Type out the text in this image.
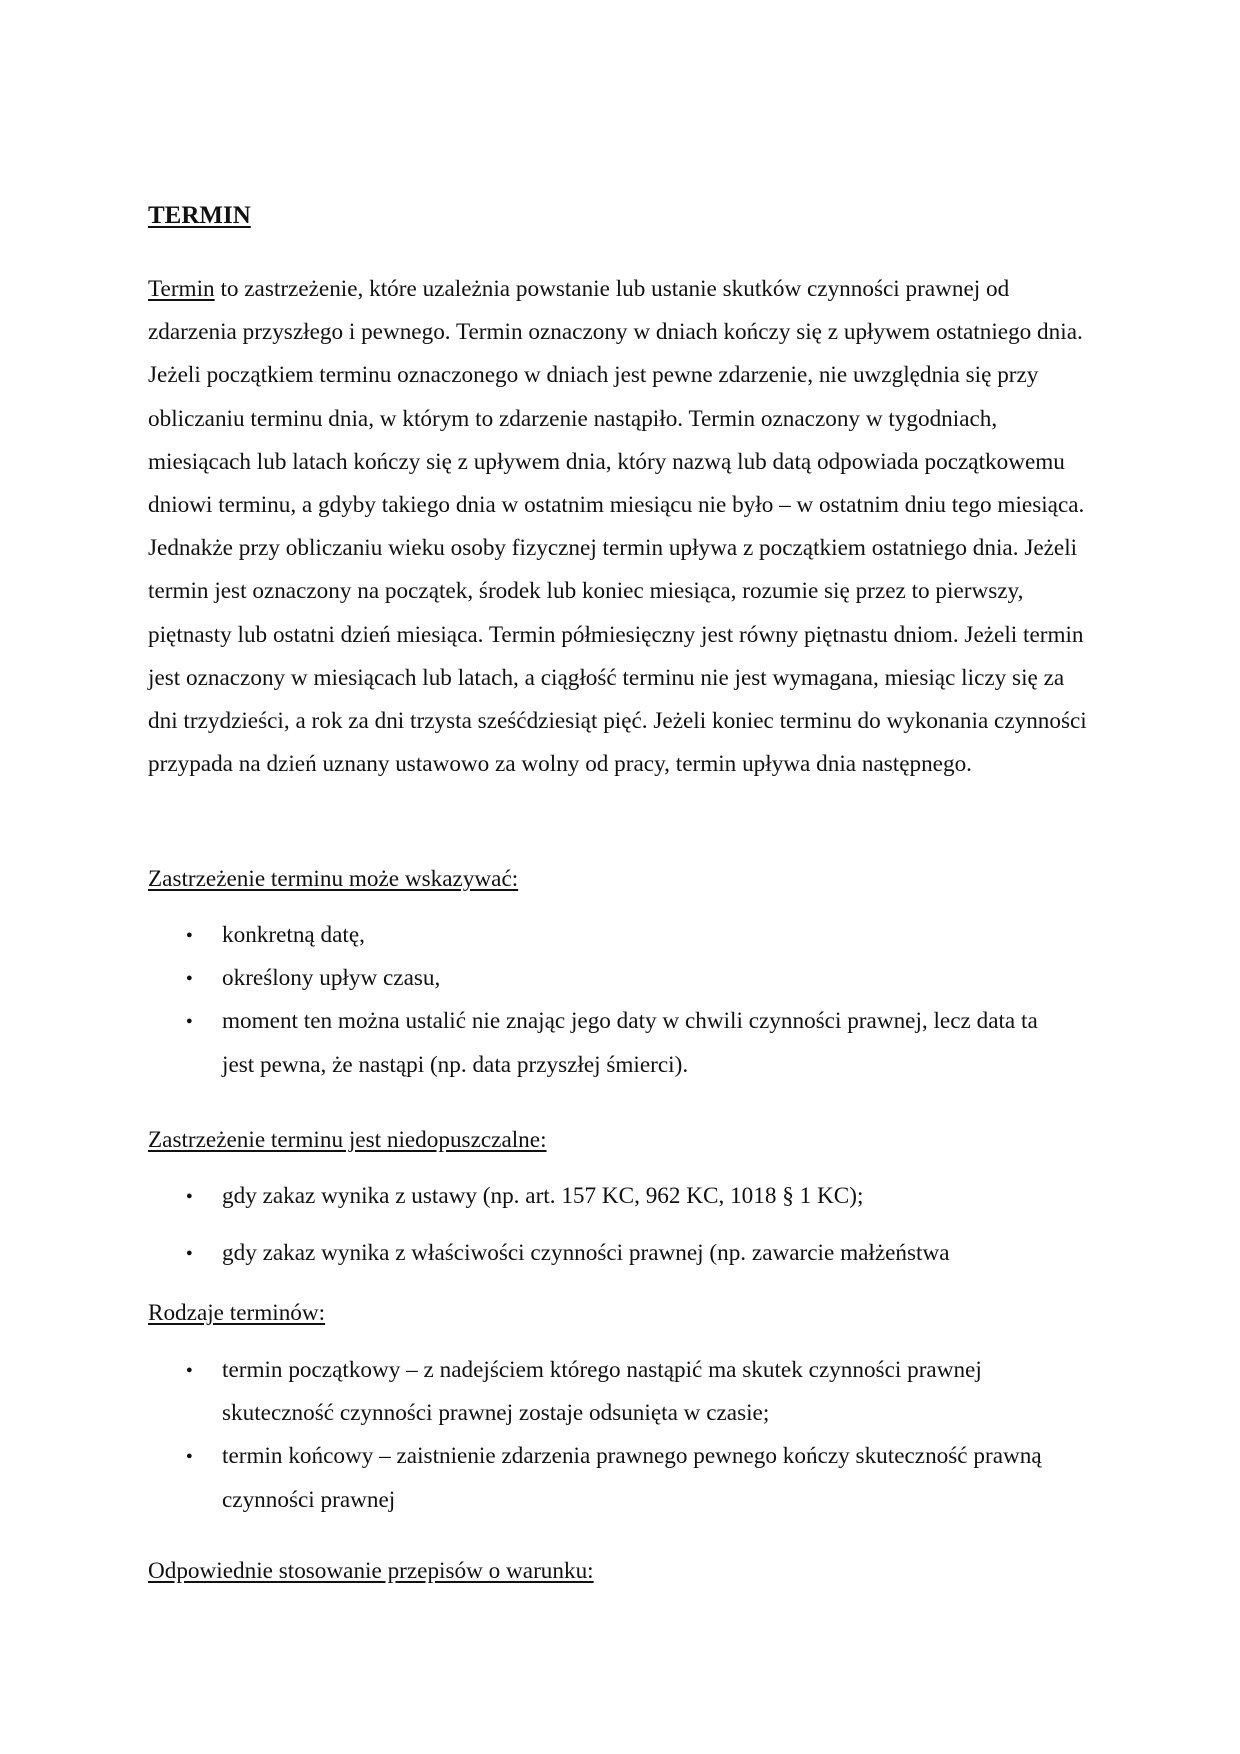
TERMIN

Termin to zastrzeżenie, które uzależnia powstanie lub ustanie skutków czynności prawnej od zdarzenia przyszłego i pewnego. Termin oznaczony w dniach kończy się z upływem ostatniego dnia. Jeżeli początkiem terminu oznaczonego w dniach jest pewne zdarzenie, nie uwzględnia się przy obliczaniu terminu dnia, w którym to zdarzenie nastąpiło. Termin oznaczony w tygodniach, miesiącach lub latach kończy się z upływem dnia, który nazwą lub datą odpowiada początkowemu dniowi terminu, a gdyby takiego dnia w ostatnim miesiącu nie było – w ostatnim dniu tego miesiąca. Jednakże przy obliczaniu wieku osoby fizycznej termin upływa z początkiem ostatniego dnia. Jeżeli termin jest oznaczony na początek, środek lub koniec miesiąca, rozumie się przez to pierwszy, piętnasty lub ostatni dzień miesiąca. Termin półmiesięczny jest równy piętnastu dniom. Jeżeli termin jest oznaczony w miesiącach lub latach, a ciągłość terminu nie jest wymagana, miesiąc liczy się za dni trzydzieści, a rok za dni trzysta sześćdziesiąt pięć. Jeżeli koniec terminu do wykonania czynności przypada na dzień uznany ustawowo za wolny od pracy, termin upływa dnia następnego.

Zastrzeżenie terminu może wskazywać:

● konkretną datę,
● określony upływ czasu,
● moment ten można ustalić nie znając jego daty w chwili czynności prawnej, lecz data ta jest pewna, że nastąpi (np. data przyszłej śmierci).

Zastrzeżenie terminu jest niedopuszczalne:

● gdy zakaz wynika z ustawy (np. art. 157 KC, 962 KC, 1018 § 1 KC);
● gdy zakaz wynika z właściwości czynności prawnej (np. zawarcie małżeństwa

Rodzaje terminów:

● termin początkowy – z nadejściem którego nastąpić ma skutek czynności prawnej skuteczność czynności prawnej zostaje odsunięta w czasie;
● termin końcowy – zaistnienie zdarzenia prawnego pewnego kończy skuteczność prawną czynności prawnej

Odpowiednie stosowanie przepisów o warunku:
